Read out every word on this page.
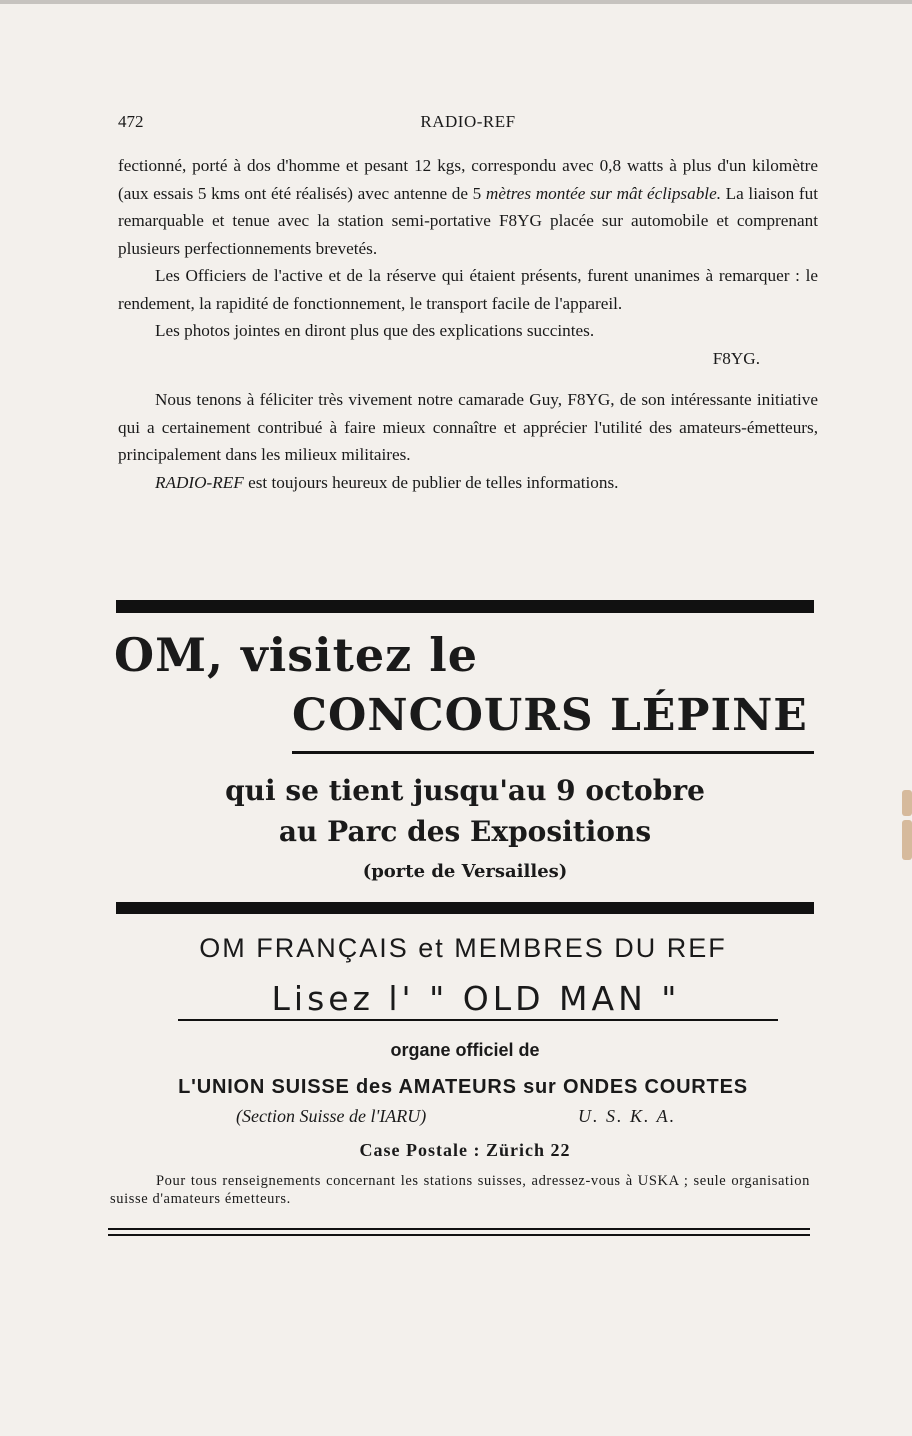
472	RADIO-REF

fectionné, porté à dos d'homme et pesant 12 kgs, correspondu avec 0,8 watts à plus d'un kilomètre (aux essais 5 kms ont été réalisés) avec antenne de 5 mètres montée sur mât éclipsable. La liaison fut remarquable et tenue avec la station semi-portative F8YG placée sur automobile et comprenant plusieurs perfectionnements brevetés.

Les Officiers de l'active et de la réserve qui étaient présents, furent unanimes à remarquer : le rendement, la rapidité de fonctionnement, le transport facile de l'appareil.

Les photos jointes en diront plus que des explications succintes.

F8YG.

Nous tenons à féliciter très vivement notre camarade Guy, F8YG, de son intéressante initiative qui a certainement contribué à faire mieux connaître et apprécier l'utilité des amateurs-émetteurs, principalement dans les milieux militaires.

RADIO-REF est toujours heureux de publier de telles informations.

OM, visitez le
CONCOURS LÉPINE
qui se tient jusqu'au 9 octobre
au Parc des Expositions
(porte de Versailles)
OM FRANÇAIS et MEMBRES DU REF
Lisez l' " OLD MAN "
organe officiel de
L'UNION SUISSE des AMATEURS sur ONDES COURTES
(Section Suisse de l'IARU)	U. S. K. A.
Case Postale : Zürich 22

Pour tous renseignements concernant les stations suisses, adressez-vous à USKA ; seule organisation suisse d'amateurs émetteurs.
